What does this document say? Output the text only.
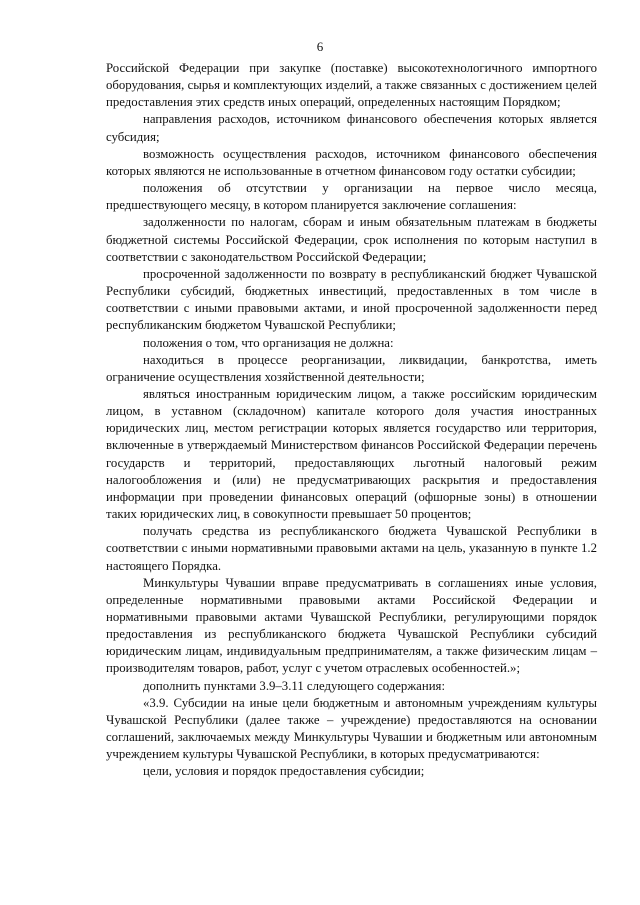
6

Российской Федерации при закупке (поставке) высокотехнологичного импортного оборудования, сырья и комплектующих изделий, а также связанных с достижением целей предоставления этих средств иных операций, определенных настоящим Порядком;

направления расходов, источником финансового обеспечения которых является субсидия;

возможность осуществления расходов, источником финансового обеспечения которых являются не использованные в отчетном финансовом году остатки субсидии;

положения об отсутствии у организации на первое число месяца, предшествующего месяцу, в котором планируется заключение соглашения:

задолженности по налогам, сборам и иным обязательным платежам в бюджеты бюджетной системы Российской Федерации, срок исполнения по которым наступил в соответствии с законодательством Российской Федерации;

просроченной задолженности по возврату в республиканский бюджет Чувашской Республики субсидий, бюджетных инвестиций, предоставленных в том числе в соответствии с иными правовыми актами, и иной просроченной задолженности перед республиканским бюджетом Чувашской Республики;

положения о том, что организация не должна:

находиться в процессе реорганизации, ликвидации, банкротства, иметь ограничение осуществления хозяйственной деятельности;

являться иностранным юридическим лицом, а также российским юридическим лицом, в уставном (складочном) капитале которого доля участия иностранных юридических лиц, местом регистрации которых является государство или территория, включенные в утверждаемый Министерством финансов Российской Федерации перечень государств и территорий, предоставляющих льготный налоговый режим налогообложения и (или) не предусматривающих раскрытия и предоставления информации при проведении финансовых операций (офшорные зоны) в отношении таких юридических лиц, в совокупности превышает 50 процентов;

получать средства из республиканского бюджета Чувашской Республики в соответствии с иными нормативными правовыми актами на цель, указанную в пункте 1.2 настоящего Порядка.

Минкультуры Чувашии вправе предусматривать в соглашениях иные условия, определенные нормативными правовыми актами Российской Федерации и нормативными правовыми актами Чувашской Республики, регулирующими порядок предоставления из республиканского бюджета Чувашской Республики субсидий юридическим лицам, индивидуальным предпринимателям, а также физическим лицам – производителям товаров, работ, услуг с учетом отраслевых особенностей.»;

дополнить пунктами 3.9–3.11 следующего содержания:

«3.9. Субсидии на иные цели бюджетным и автономным учреждениям культуры Чувашской Республики (далее также – учреждение) предоставляются на основании соглашений, заключаемых между Минкультуры Чувашии и бюджетным или автономным учреждением культуры Чувашской Республики, в которых предусматриваются:

цели, условия и порядок предоставления субсидии;
